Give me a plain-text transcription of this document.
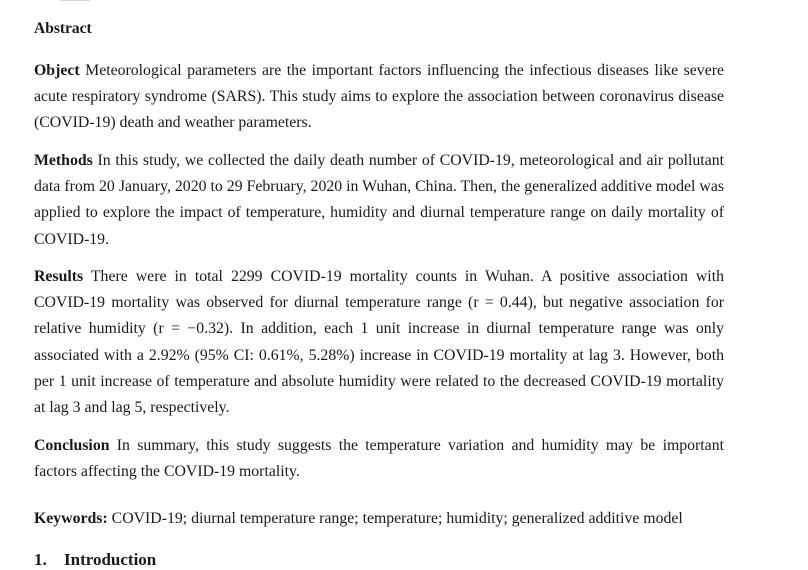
Abstract

Object Meteorological parameters are the important factors influencing the infectious diseases like severe acute respiratory syndrome (SARS). This study aims to explore the association between coronavirus disease (COVID-19) death and weather parameters.

Methods In this study, we collected the daily death number of COVID-19, meteorological and air pollutant data from 20 January, 2020 to 29 February, 2020 in Wuhan, China. Then, the generalized additive model was applied to explore the impact of temperature, humidity and diurnal temperature range on daily mortality of COVID-19.

Results There were in total 2299 COVID-19 mortality counts in Wuhan. A positive association with COVID-19 mortality was observed for diurnal temperature range (r = 0.44), but negative association for relative humidity (r = −0.32). In addition, each 1 unit increase in diurnal temperature range was only associated with a 2.92% (95% CI: 0.61%, 5.28%) increase in COVID-19 mortality at lag 3. However, both per 1 unit increase of temperature and absolute humidity were related to the decreased COVID-19 mortality at lag 3 and lag 5, respectively.

Conclusion In summary, this study suggests the temperature variation and humidity may be important factors affecting the COVID-19 mortality.

Keywords: COVID-19; diurnal temperature range; temperature; humidity; generalized additive model

1. Introduction
